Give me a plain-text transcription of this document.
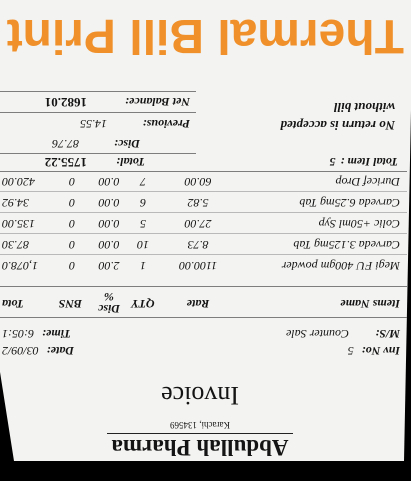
Abdullah Pharma
Karachi, 134569
Invoice
Inv No:5
Date:03/09/2
M/S:
Counter Sale
Time:6:05:1
Items Name
Rate
QTY
Disc
%
BNS
Tota
Megi FU 400gm powder
1100.00
1
2.00
0
1,078.0
Carveda 3.125mg Tab
8.73
10
0.00
0
87.30
Colic +50ml Syp
27.00
5
0.00
0
135.00
Carveda 6.25mg Tab
5.82
6
0.00
0
34.92
Duricef Drop
60.00
7
0.00
0
420.00
Total Item :5
Total:
1755.22
Disc:
87.76
No return is accepted
Previous:
14.55
without bill
Net Balance:
1682.01
Thermal Bill Print
